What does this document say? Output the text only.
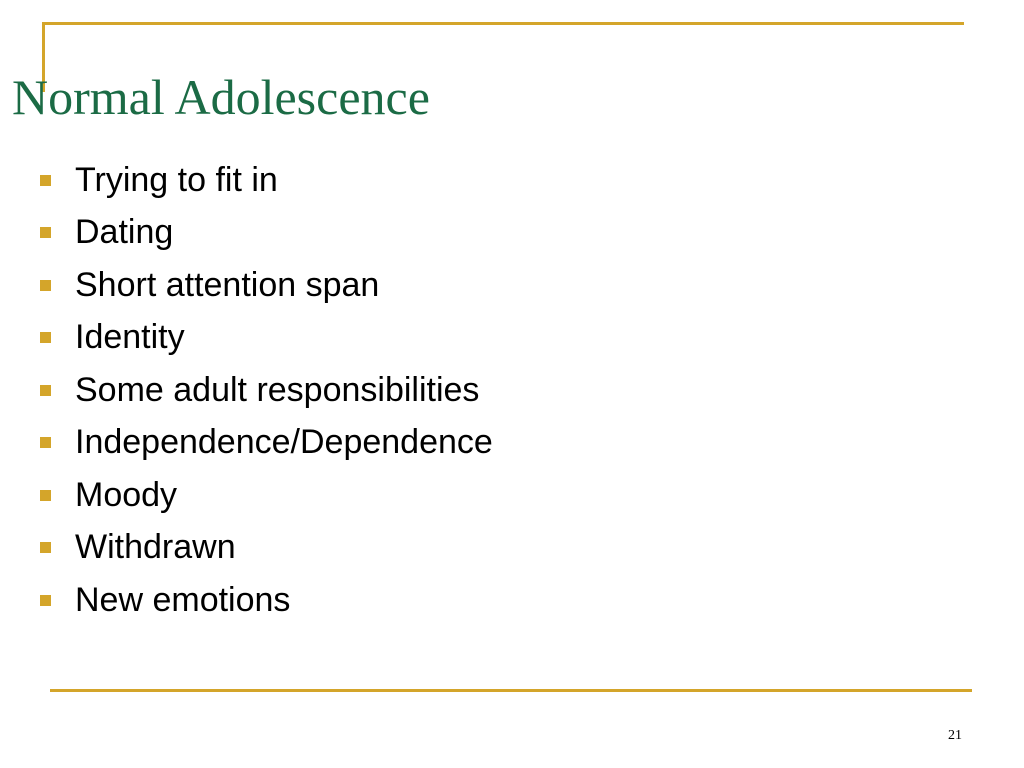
Normal Adolescence
Trying to fit in
Dating
Short attention span
Identity
Some adult responsibilities
Independence/Dependence
Moody
Withdrawn
New emotions
21
